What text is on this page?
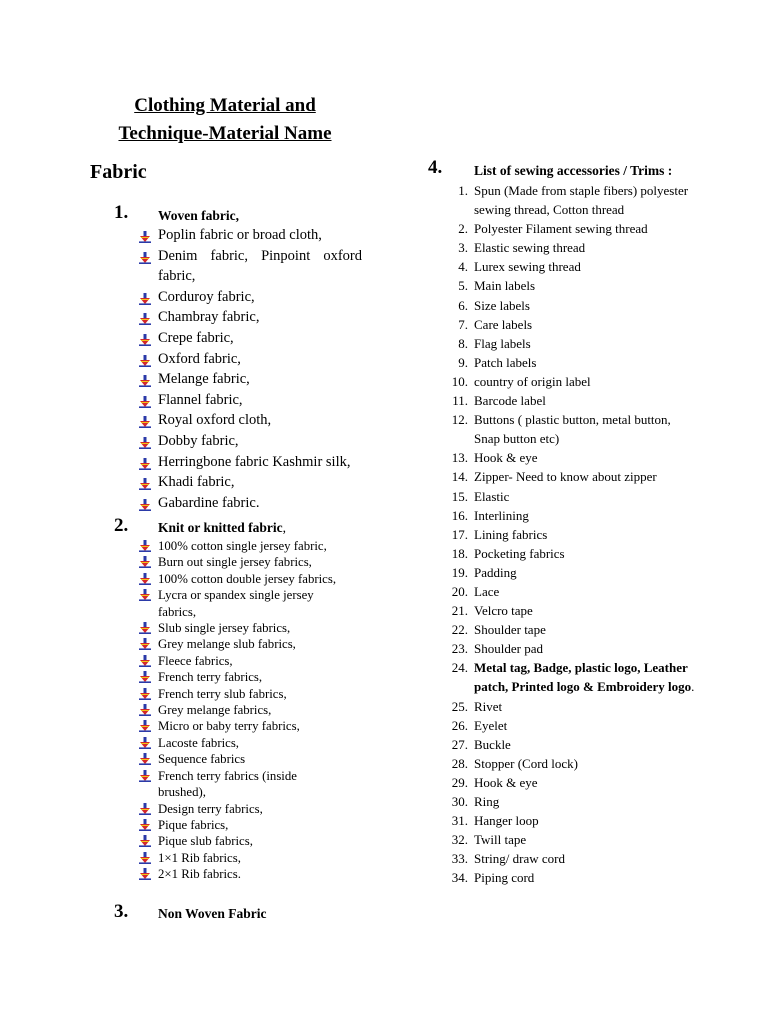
Clothing Material and
Technique-Material Name
Fabric
1. Woven fabric,
Poplin fabric or broad cloth,
Denim fabric, Pinpoint oxford fabric,
Corduroy fabric,
Chambray fabric,
Crepe fabric,
Oxford fabric,
Melange fabric,
Flannel fabric,
Royal oxford cloth,
Dobby fabric,
Herringbone fabric Kashmir silk,
Khadi fabric,
Gabardine fabric.
2. Knit or knitted fabric,
100% cotton single jersey fabric,
Burn out single jersey fabrics,
100% cotton double jersey fabrics,
Lycra or spandex single jersey fabrics,
Slub single jersey fabrics,
Grey melange slub fabrics,
Fleece fabrics,
French terry fabrics,
French terry slub fabrics,
Grey melange fabrics,
Micro or baby terry fabrics,
Lacoste fabrics,
Sequence fabrics
French terry fabrics (inside brushed),
Design terry fabrics,
Pique fabrics,
Pique slub fabrics,
1×1 Rib fabrics,
2×1 Rib fabrics.
3. Non Woven Fabric
4. List of sewing accessories / Trims :
1. Spun (Made from staple fibers) polyester sewing thread, Cotton thread
2. Polyester Filament sewing thread
3. Elastic sewing thread
4. Lurex sewing thread
5. Main labels
6. Size labels
7. Care labels
8. Flag labels
9. Patch labels
10. country of origin label
11. Barcode label
12. Buttons ( plastic button, metal button, Snap button etc)
13. Hook & eye
14. Zipper- Need to know about zipper
15. Elastic
16. Interlining
17. Lining fabrics
18. Pocketing fabrics
19. Padding
20. Lace
21. Velcro tape
22. Shoulder tape
23. Shoulder pad
24. Metal tag, Badge, plastic logo, Leather patch, Printed logo & Embroidery logo.
25. Rivet
26. Eyelet
27. Buckle
28. Stopper (Cord lock)
29. Hook & eye
30. Ring
31. Hanger loop
32. Twill tape
33. String/ draw cord
34. Piping cord
